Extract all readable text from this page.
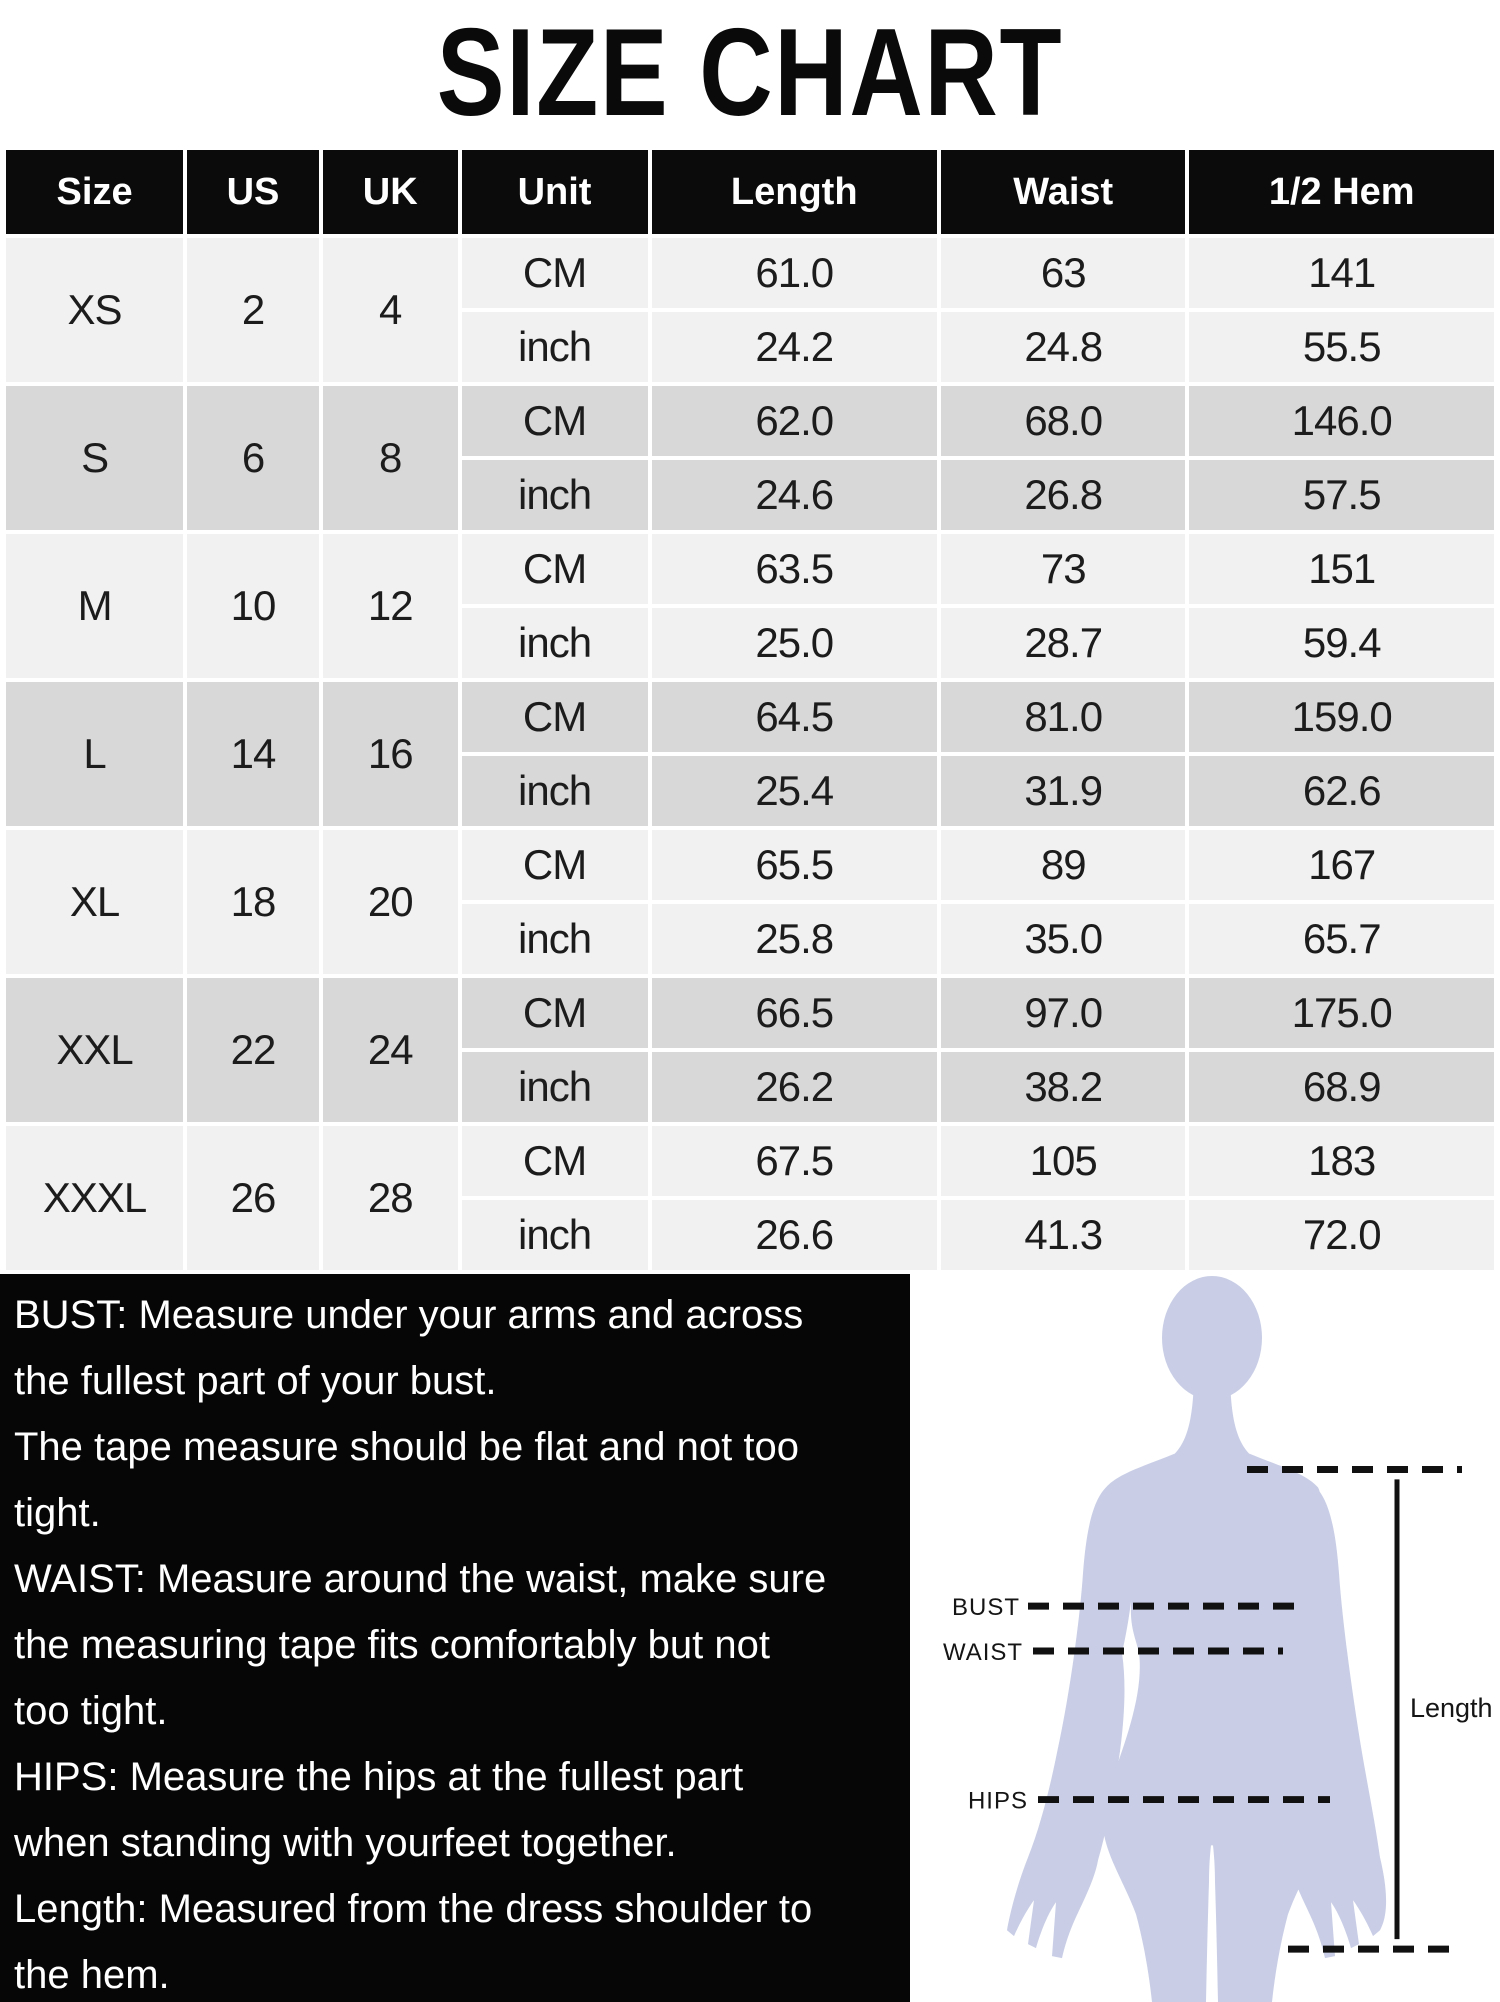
SIZE CHART
Size	US	UK	Unit	Length	Waist	1/2 Hem
XS	2	4	CM	61.0	63	141
			inch	24.2	24.8	55.5
S	6	8	CM	62.0	68.0	146.0
			inch	24.6	26.8	57.5
M	10	12	CM	63.5	73	151
			inch	25.0	28.7	59.4
L	14	16	CM	64.5	81.0	159.0
			inch	25.4	31.9	62.6
XL	18	20	CM	65.5	89	167
			inch	25.8	35.0	65.7
XXL	22	24	CM	66.5	97.0	175.0
			inch	26.2	38.2	68.9
XXXL	26	28	CM	67.5	105	183
			inch	26.6	41.3	72.0
BUST: Measure under your arms and across
the fullest part of your bust.
The tape measure should be flat and not too
tight.
WAIST: Measure around the waist, make sure
the measuring tape fits comfortably but not
too tight.
HIPS: Measure the hips at the fullest part
when standing with yourfeet together.
Length: Measured from the dress shoulder to
the hem.
BUST
WAIST
HIPS
Length
